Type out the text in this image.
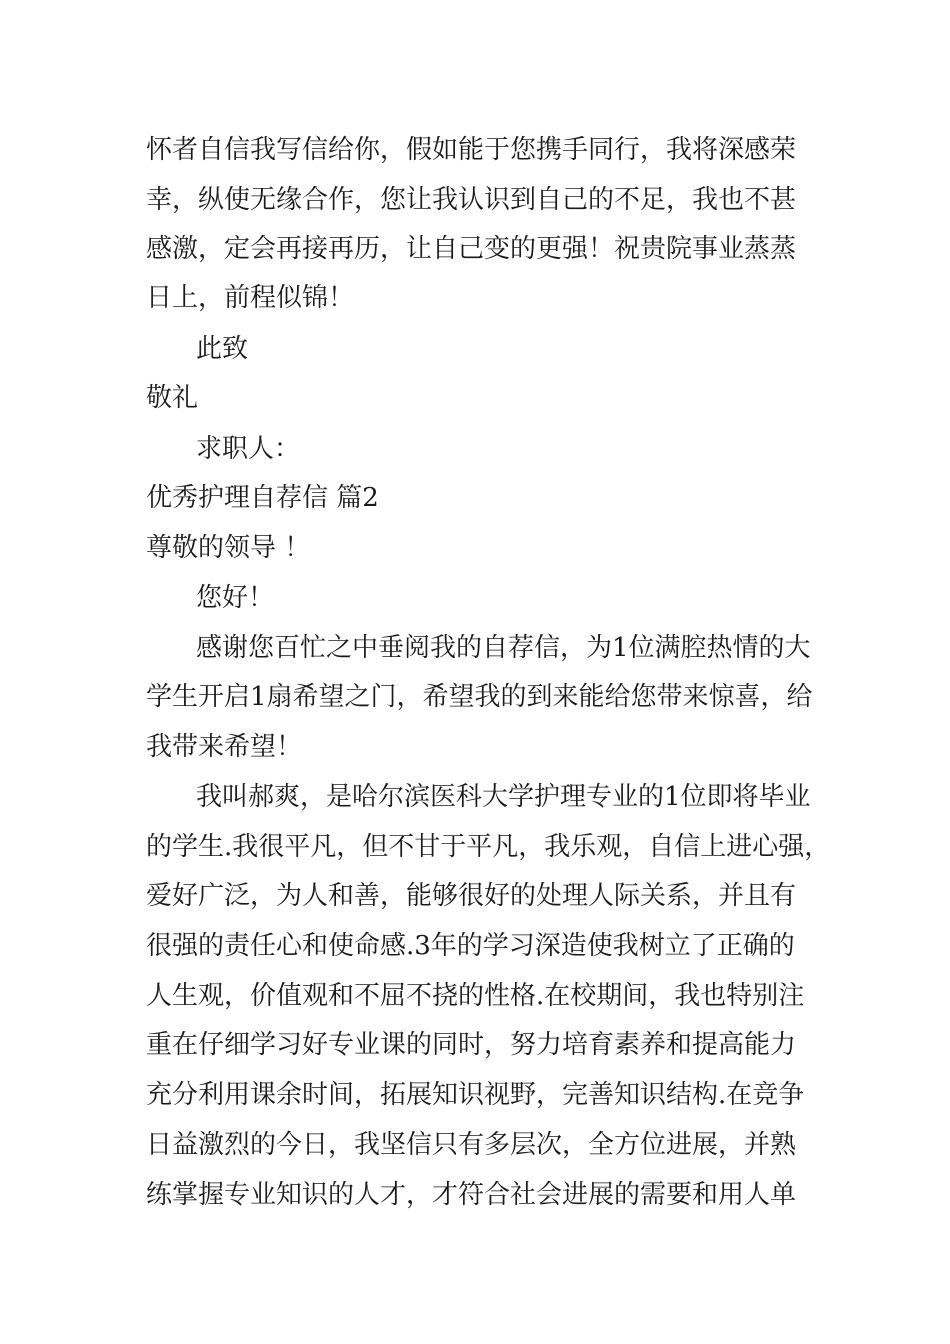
怀者自信我写信给你，假如能于您携手同行，我将深感荣
幸，纵使无缘合作，您让我认识到自己的不足，我也不甚
感激，定会再接再历，让自己变的更强！祝贵院事业蒸蒸
日上，前程似锦！
此致
敬礼
求职人：
优秀护理自荐信 篇2
尊敬的领导 ！
您好！
感谢您百忙之中垂阅我的自荐信，为1位满腔热情的大
学生开启1扇希望之门，希望我的到来能给您带来惊喜，给
我带来希望！
我叫郝爽，是哈尔滨医科大学护理专业的1位即将毕业
的学生.我很平凡，但不甘于平凡，我乐观，自信上进心强，
爱好广泛，为人和善，能够很好的处理人际关系，并且有
很强的责任心和使命感.3年的学习深造使我树立了正确的
人生观，价值观和不屈不挠的性格.在校期间，我也特别注
重在仔细学习好专业课的同时，努力培育素养和提高能力
充分利用课余时间，拓展知识视野，完善知识结构.在竞争
日益激烈的今日，我坚信只有多层次，全方位进展，并熟
练掌握专业知识的人才，才符合社会进展的需要和用人单
